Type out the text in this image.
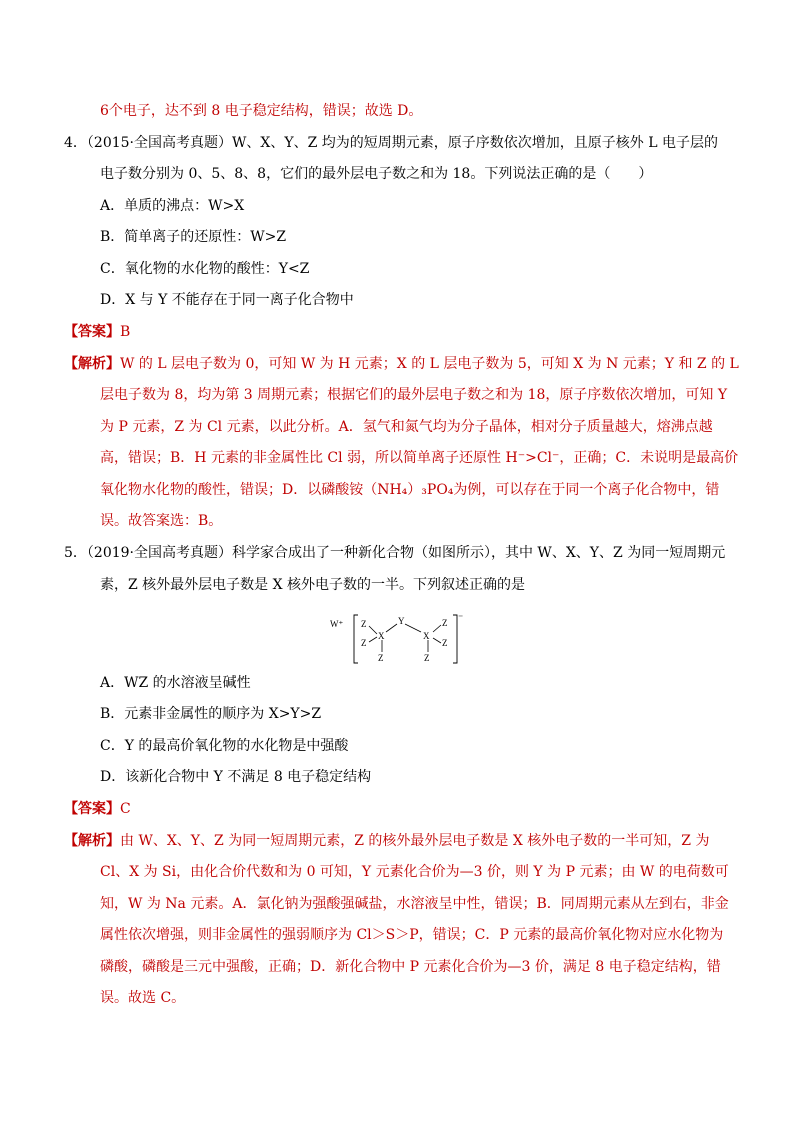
6个电子，达不到 8 电子稳定结构，错误；故选 D。
4．（2015·全国高考真题）W、X、Y、Z 均为的短周期元素，原子序数依次增加，且原子核外 L 电子层的
电子数分别为 0、5、8、8，它们的最外层电子数之和为 18。下列说法正确的是（　　）
A．单质的沸点：W>X
B．简单离子的还原性：W>Z
C．氧化物的水化物的酸性：Y<Z
D．X 与 Y 不能存在于同一离子化合物中
【答案】B
【解析】W 的 L 层电子数为 0，可知 W 为 H 元素；X 的 L 层电子数为 5，可知 X 为 N 元素；Y 和 Z 的 L
层电子数为 8，均为第 3 周期元素；根据它们的最外层电子数之和为 18，原子序数依次增加，可知 Y
为 P 元素，Z 为 Cl 元素，以此分析。A．氢气和氮气均为分子晶体，相对分子质量越大，熔沸点越
高，错误；B．H 元素的非金属性比 Cl 弱，所以简单离子还原性 H⁻>Cl⁻，正确；C．未说明是最高价
氧化物水化物的酸性，错误；D．以磷酸铵（NH₄）₃PO₄为例，可以存在于同一个离子化合物中，错
误。故答案选：B。
5．（2019·全国高考真题）科学家合成出了一种新化合物（如图所示），其中 W、X、Y、Z 为同一短周期元
素，Z 核外最外层电子数是 X 核外电子数的一半。下列叙述正确的是
W⁺	⁻
Z
Z
X
Z
Y
X
Z
Z
Z
A．WZ 的水溶液呈碱性
B．元素非金属性的顺序为 X>Y>Z
C．Y 的最高价氧化物的水化物是中强酸
D．该新化合物中 Y 不满足 8 电子稳定结构
【答案】C
【解析】由 W、X、Y、Z 为同一短周期元素，Z 的核外最外层电子数是 X 核外电子数的一半可知，Z 为
Cl、X 为 Si，由化合价代数和为 0 可知，Y 元素化合价为—3 价，则 Y 为 P 元素；由 W 的电荷数可
知，W 为 Na 元素。A．氯化钠为强酸强碱盐，水溶液呈中性，错误；B．同周期元素从左到右，非金
属性依次增强，则非金属性的强弱顺序为 Cl＞S＞P，错误；C．P 元素的最高价氧化物对应水化物为
磷酸，磷酸是三元中强酸，正确；D．新化合物中 P 元素化合价为—3 价，满足 8 电子稳定结构，错
误。故选 C。
